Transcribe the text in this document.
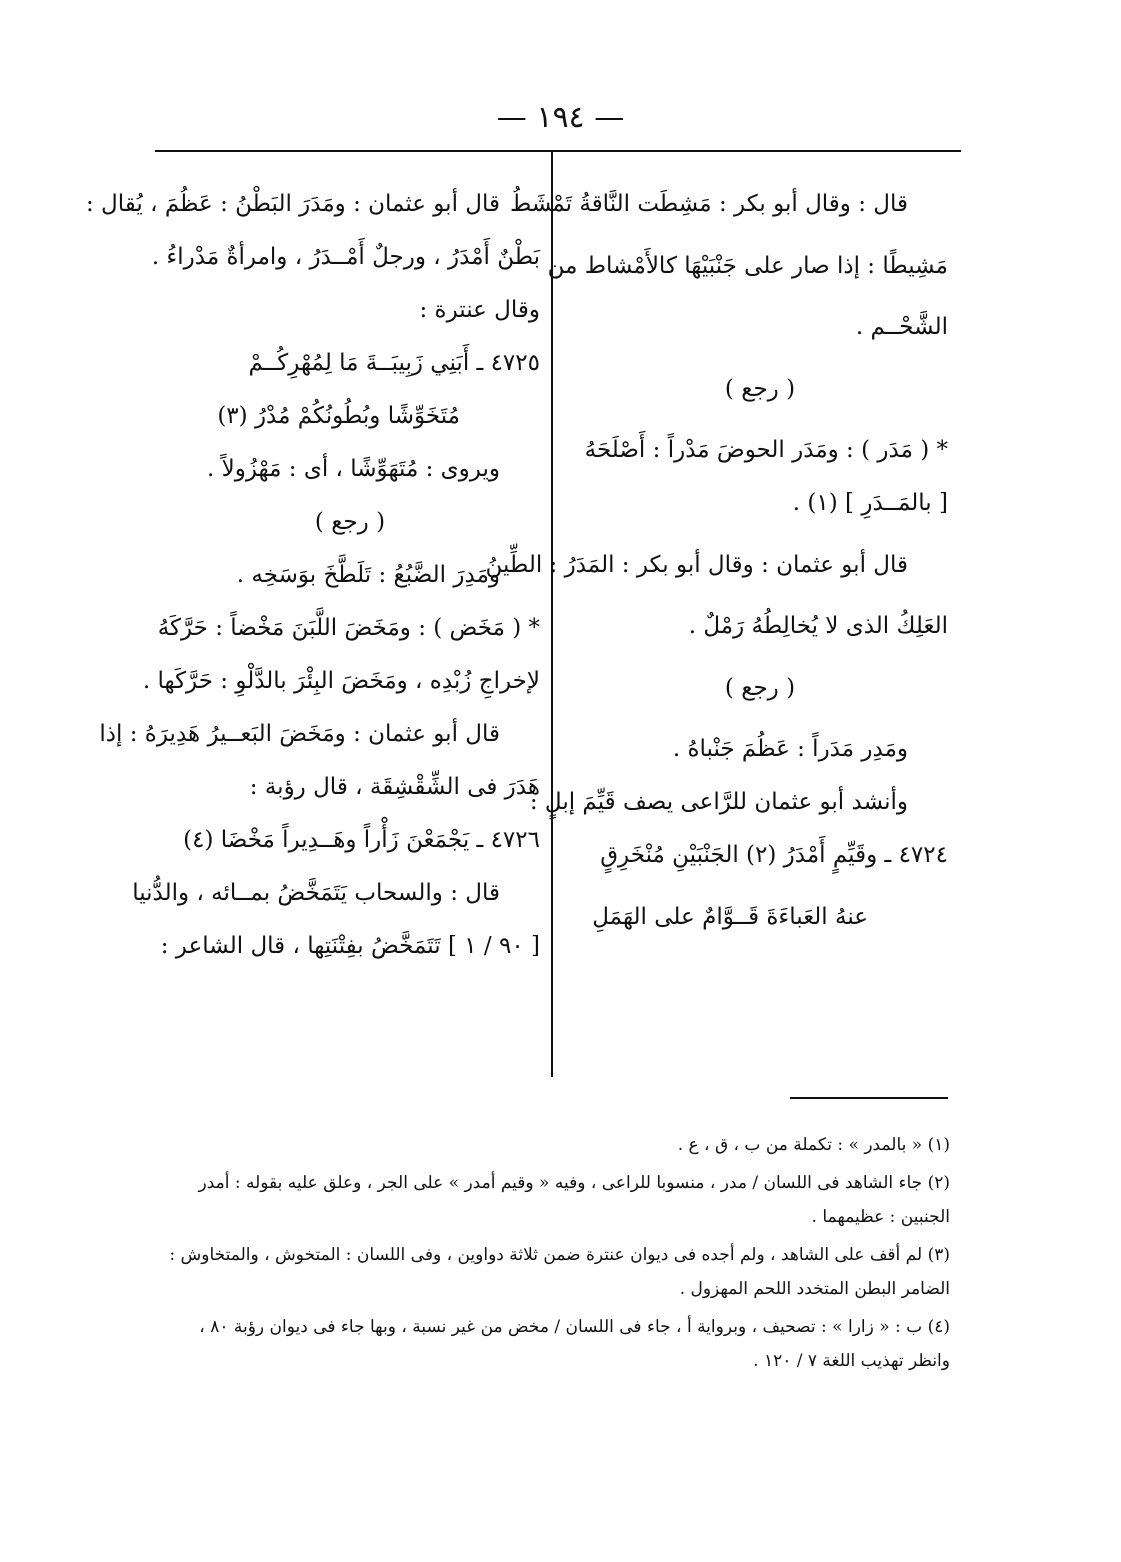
— ١٩٤ —
قال : وقال أبو بكر : مَشِطَت النَّاقةُ تَمْشَطُ
مَشِيطًا : إذا صار على جَنْبَيْهَا كالأَمْشاط من
الشَّحْــم .
( رجع )
* ( مَدَر ) : ومَدَر الحوضَ مَدْراً : أَصْلَحَهُ
[ بالمَــدَرِ ] (١) .
قال أبو عثمان : وقال أبو بكر : المَدَرُ : الطِّينُ
العَلِكُ الذى لا يُخالِطُهُ رَمْلٌ .
( رجع )
ومَدِر مَدَراً : عَظُمَ جَنْباهُ .
وأنشد أبو عثمان للرَّاعى يصف قَيِّمَ إبلٍ :
٤٧٢٤ ـ وقَيِّمٍ أَمْدَرُ (٢) الجَنْبَيْنِ مُنْخَرِقٍ
عنهُ العَباءَةَ قَــوَّامٌ على الهَمَلِ
قال أبو عثمان : ومَدَرَ البَطْنُ : عَظُمَ ، يُقال :
بَطْنٌ أَمْدَرُ ، ورجلٌ أَمْــدَرُ ، وامرأةٌ مَدْراءُ .
وقال عنترة :
٤٧٢٥ ـ أَبَنِي زَبِيبَــةَ مَا لِمُهْرِكُــمْ
مُتَخَوِّشًا وبُطُونُكُمْ مُدْرُ (٣)
ويروى : مُتَهَوِّشًا ، أى : مَهْزُولاً .
( رجع )
ومَدِرَ الضَّبُعُ : تَلَطَّخَ بوَسَخِه .
* ( مَخَض ) : ومَخَضَ اللَّبَنَ مَخْضاً : حَرَّكَهُ
لإخراجِ زُبْدِه ، ومَخَضَ البِئْرَ بالدَّلْوِ : حَرَّكَها .
قال أبو عثمان : ومَخَضَ البَعــيرُ هَدِيرَهُ : إذا
هَدَرَ فى الشِّقْشِقَة ، قال رؤبة :
٤٧٢٦ ـ يَجْمَعْنَ زَأْراً وهَــدِيراً مَخْضَا (٤)
قال : والسحاب يَتَمَخَّضُ بمــائه ، والدُّنيا
[ ٩٠ / ١ ] تَتَمَخَّضُ بفِتْنَتِها ، قال الشاعر :
(١) « بالمدر » : تكملة من ب ، ق ، ع .
(٢) جاء الشاهد فى اللسان / مدر ، منسوبا للراعى ، وفيه « وقيم أمدر » على الجر ، وعلق عليه بقوله : أمدر الجنبين : عظيمهما .
(٣) لم أقف على الشاهد ، ولم أجده فى ديوان عنترة ضمن ثلاثة دواوين ، وفى اللسان : المتخوش ، والمتخاوش : الضامر البطن المتخدد اللحم المهزول .
(٤) ب : « زارا » : تصحيف ، وبرواية أ ، جاء فى اللسان / مخض من غير نسبة ، وبها جاء فى ديوان رؤبة ٨٠ ، وانظر تهذيب اللغة ٧ / ١٢٠ .
